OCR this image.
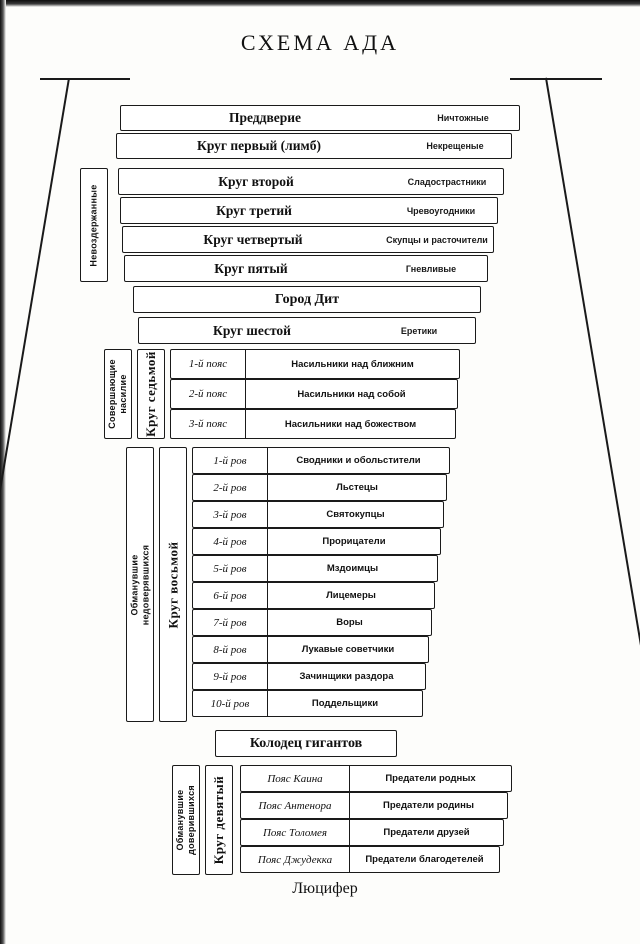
СХЕМА АДА
Преддверие	Ничтожные
Круг первый (лимб)	Некрещеные
Круг второй	Сладострастники
Круг третий	Чревоугодники
Круг четвертый	Скупцы и расточители
Круг пятый	Гневливые
Город Дит
Круг шестой	Еретики
Невоздержанные
Совершающие насилие Круг седьмой	1-й пояс	Насильники над ближним
2-й пояс	Насильники над собой
3-й пояс	Насильники над божеством
Обманувшие недоверявшихся Круг восьмой
1-й ров	Сводники и обольстители
2-й ров	Льстецы
3-й ров	Святокупцы
4-й ров	Прорицатели
5-й ров	Мздоимцы
6-й ров	Лицемеры
7-й ров	Воры
8-й ров	Лукавые советчики
9-й ров	Зачинщики раздора
10-й ров	Поддельщики
Колодец гигантов
Обманувшие доверившихся Круг девятый	Пояс Каина	Предатели родных
Пояс Антенора	Предатели родины
Пояс Толомея	Предатели друзей
Пояс Джудекка	Предатели благодетелей
Люцифер
